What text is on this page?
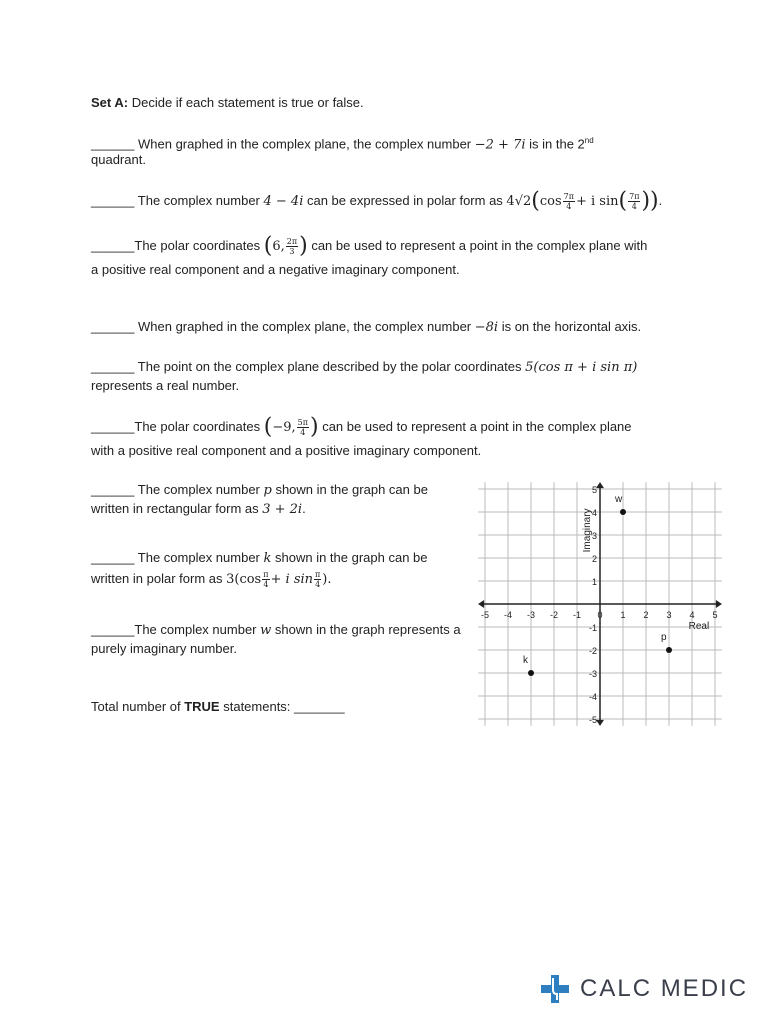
Set A: Decide if each statement is true or false.
______ When graphed in the complex plane, the complex number −2 + 7i is in the 2nd
quadrant.
______ The complex number 4 − 4i can be expressed in polar form as $4√2(\cos \frac{7\pi}{4} + i$ $\sin( \frac{7\pi}{4}$ )).
______The polar coordinates (6, $\frac{2\pi}{3}$ ) can be used to represent a point in the complex plane with
a positive real component and a negative imaginary component.
______ When graphed in the complex plane, the complex number −8i is on the horizontal axis.
______ The point on the complex plane described by the polar coordinates 5(cos π + i sin π)
represents a real number.
______The polar coordinates (−9, $\frac{5\pi}{4}$ ) can be used to represent a point in the complex plane
with a positive real component and a positive imaginary component.
______ The complex number p shown in the graph can be
written in rectangular form as 3 + 2i.
______ The complex number k shown in the graph can be
written in polar form as $3(\cos \frac{\pi}{4} + i$ $\sin \frac{\pi}{4}$ ).
______The complex number w shown in the graph represents a
purely imaginary number.
Total number of TRUE statements: _______
-5 -4 -3 -2 -1 0 1 2 3 4 5
5
4
3
2
1
-1
-2
-3
-4
-5
Real
Imaginary
w
p
k
CALC MEDIC
